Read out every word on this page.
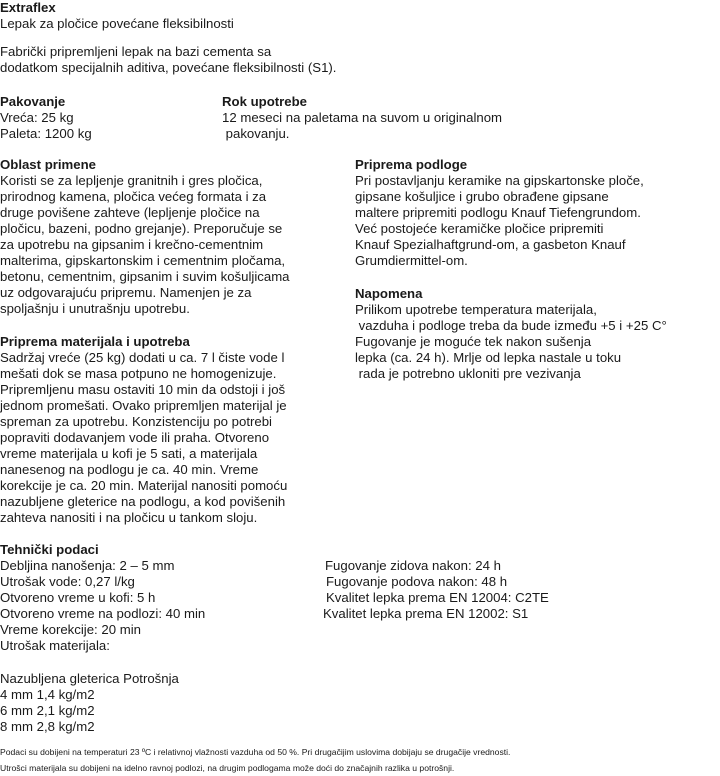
Extraflex
Lepak za pločice povećane fleksibilnosti
Fabrički pripremljeni lepak na bazi cementa sa
dodatkom specijalnih aditiva, povećane fleksibilnosti (S1).
Pakovanje
Vreća: 25 kg
Paleta: 1200 kg
Rok upotrebe
12 meseci na paletama na suvom u originalnom
pakovanju.
Oblast primene
Koristi se za lepljenje granitnih i gres pločica,
prirodnog kamena, pločica većeg formata i za
druge povišene zahteve (lepljenje pločice na
pločicu, bazeni, podno grejanje). Preporučuje se
za upotrebu na gipsanim i krečno-cementnim
malterima, gipskartonskim i cementnim pločama,
betonu, cementnim, gipsanim i suvim košuljicama
uz odgovarajuću pripremu. Namenjen je za
spoljašnju i unutrašnju upotrebu.
Priprema podloge
Pri postavljanju keramike na gipskartonske ploče,
gipsane košuljice i grubo obrađene gipsane
maltere pripremiti podlogu Knauf Tiefengrundom.
Već postojeće keramičke pločice pripremiti
Knauf Spezialhaftgrund-om, a gasbeton Knauf
Grumdiermittel-om.
Napomena
Prilikom upotrebe temperatura materijala,
vazduha i podloge treba da bude između +5 i +25 C°
Fugovanje je moguće tek nakon sušenja
lepka (ca. 24 h). Mrlje od lepka nastale u toku
rada je potrebno ukloniti pre vezivanja
Priprema materijala i upotreba
Sadržaj vreće (25 kg) dodati u ca. 7 l čiste vode l
mešati dok se masa potpuno ne homogenizuje.
Pripremljenu masu ostaviti 10 min da odstoji i još
jednom promešati. Ovako pripremljen materijal je
spreman za upotrebu. Konzistenciju po potrebi
popraviti dodavanjem vode ili praha. Otvoreno
vreme materijala u kofi je 5 sati, a materijala
nanesenog na podlogu je ca. 40 min. Vreme
korekcije je ca. 20 min. Materijal nanositi pomoću
nazubljene gleterice na podlogu, a kod povišenih
zahteva nanositi i na pločicu u tankom sloju.
Tehnički podaci
Debljina nanošenja: 2 – 5 mm
Utrošak vode: 0,27 l/kg
Otvoreno vreme u kofi: 5 h
Otvoreno vreme na podlozi: 40 min
Vreme korekcije: 20 min
Utrošak materijala:
Fugovanje zidova nakon: 24 h
Fugovanje podova nakon: 48 h
Kvalitet lepka prema EN 12004: C2TE
Kvalitet lepka prema EN 12002: S1
Nazubljena gleterica Potrošnja
4 mm 1,4 kg/m2
6 mm 2,1 kg/m2
8 mm 2,8 kg/m2
Podaci su dobijeni na temperaturi 23 ºC i relativnoj vlažnosti vazduha od 50 %. Pri drugačijim uslovima dobijaju se drugačije vrednosti.
Utrošci materijala su dobijeni na idelno ravnoj podlozi, na drugim podlogama može doći do značajnih razlika u potrošnji.
